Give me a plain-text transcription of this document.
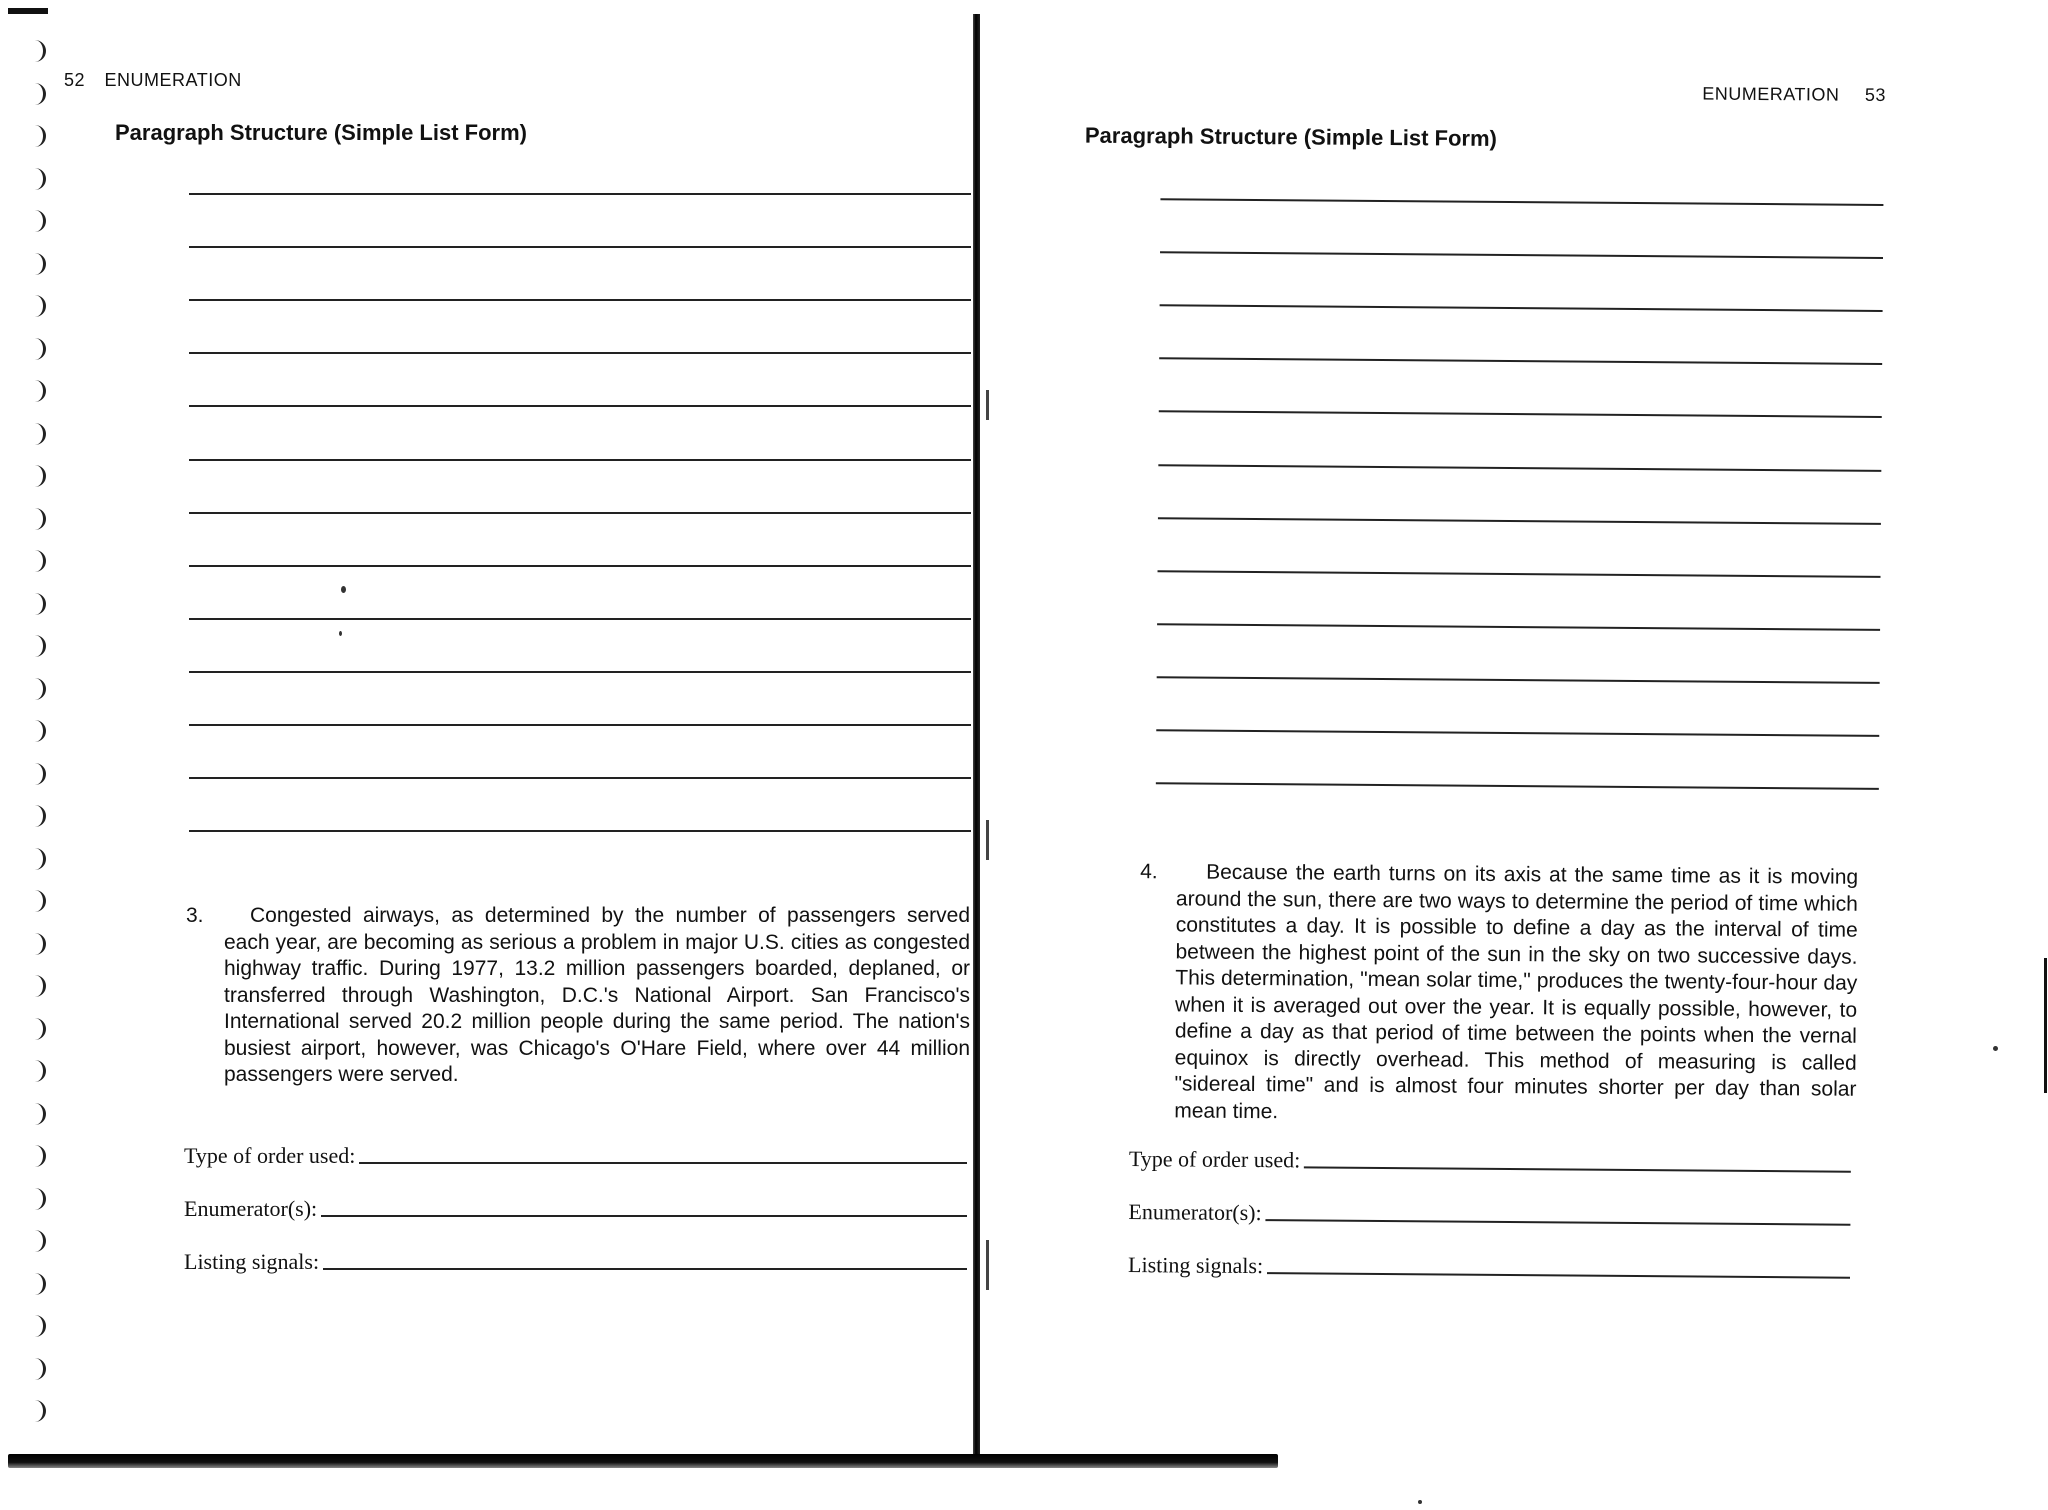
52 ENUMERATION
Paragraph Structure (Simple List Form)
3.	Congested airways, as determined by the number of passengers served each year, are becoming as serious a problem in major U.S. cities as congested highway traffic. During 1977, 13.2 million passengers boarded, deplaned, or transferred through Washington, D.C.'s National Airport. San Francisco's International served 20.2 million people during the same period. The nation's busiest airport, however, was Chicago's O'Hare Field, where over 44 million passengers were served.
Type of order used:
Enumerator(s):
Listing signals:
ENUMERATION 53
Paragraph Structure (Simple List Form)
4.	Because the earth turns on its axis at the same time as it is moving around the sun, there are two ways to determine the period of time which constitutes a day. It is possible to define a day as the interval of time between the highest point of the sun in the sky on two successive days. This determination, "mean solar time," produces the twenty-four-hour day when it is averaged out over the year. It is equally possible, however, to define a day as that period of time between the points when the vernal equinox is directly overhead. This method of measuring is called "sidereal time" and is almost four minutes shorter per day than solar mean time.
Type of order used:
Enumerator(s):
Listing signals:
